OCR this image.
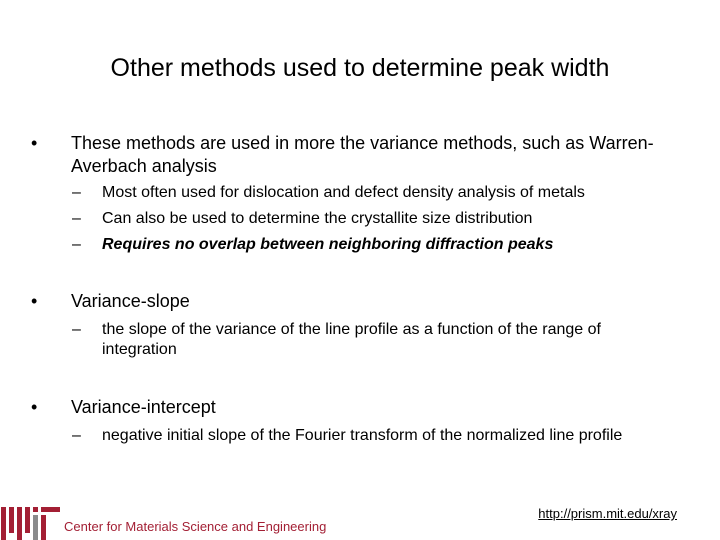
Other methods used to determine peak width
•	These methods are used in more the variance methods, such as Warren-Averbach analysis
– Most often used for dislocation and defect density analysis of metals
– Can also be used to determine the crystallite size distribution
– Requires no overlap between neighboring diffraction peaks
•	Variance-slope
– the slope of the variance of the line profile as a function of the range of integration
•	Variance-intercept
– negative initial slope of the Fourier transform of the normalized line profile
Center for Materials Science and Engineering
http://prism.mit.edu/xray
